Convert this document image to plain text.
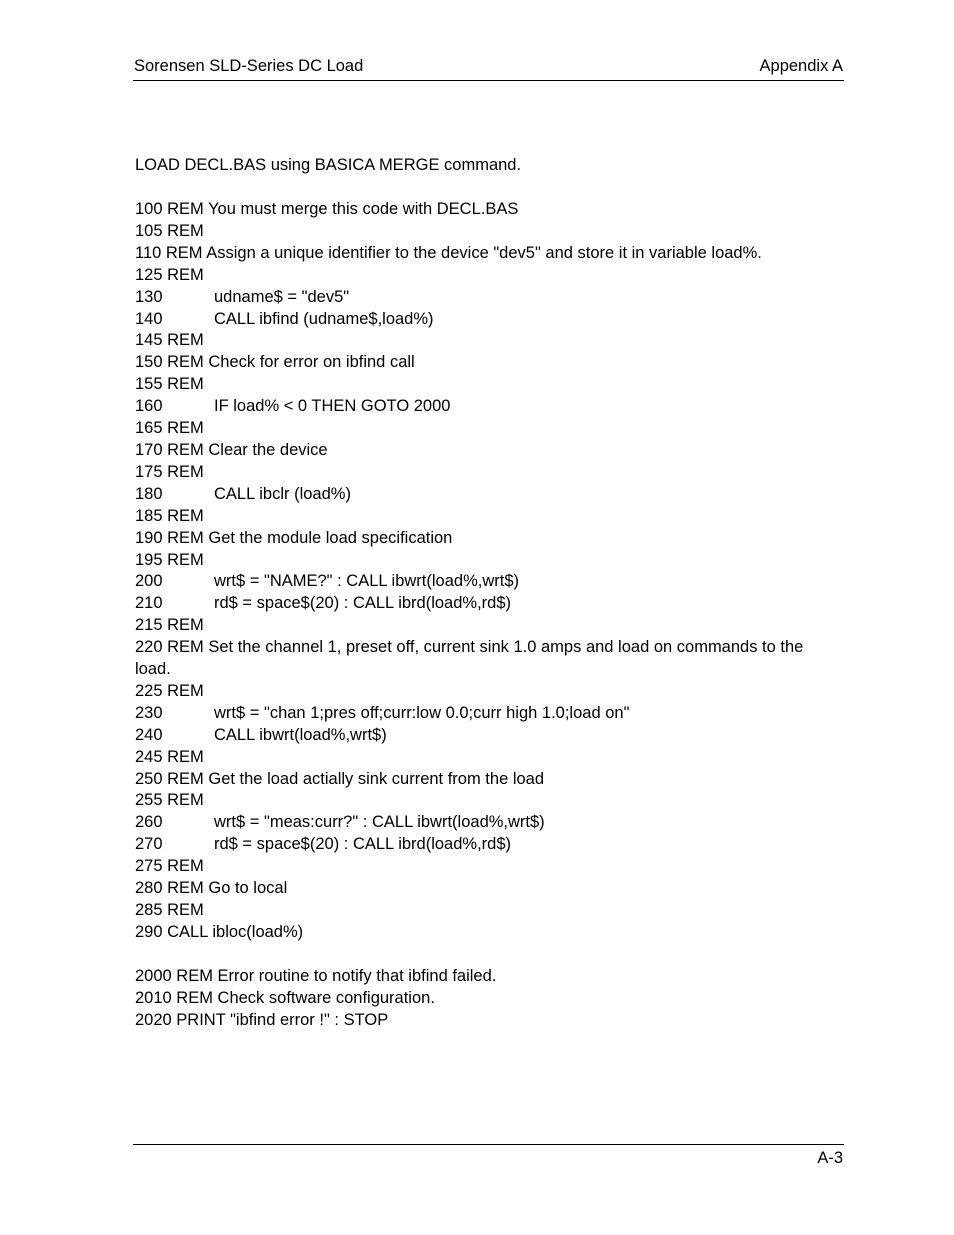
Sorensen SLD-Series DC Load	Appendix A
LOAD DECL.BAS using BASICA MERGE command.
100 REM You must merge this code with DECL.BAS
105 REM
110 REM Assign a unique identifier to the device "dev5" and store it in variable load%.
125 REM
130	udname$ = "dev5"
140	CALL ibfind (udname$,load%)
145 REM
150 REM Check for error on ibfind call
155 REM
160	IF load% < 0 THEN GOTO 2000
165 REM
170 REM Clear the device
175 REM
180	CALL ibclr (load%)
185 REM
190 REM Get the module load specification
195 REM
200	wrt$ = "NAME?" : CALL ibwrt(load%,wrt$)
210	rd$ = space$(20) : CALL ibrd(load%,rd$)
215 REM
220 REM Set the channel 1, preset off, current sink 1.0 amps and load on commands to the load.
225 REM
230	wrt$ = "chan 1;pres off;curr:low 0.0;curr high 1.0;load on"
240	CALL ibwrt(load%,wrt$)
245 REM
250 REM Get the load actially sink current from the load
255 REM
260	wrt$ = "meas:curr?" : CALL ibwrt(load%,wrt$)
270	rd$ = space$(20) : CALL ibrd(load%,rd$)
275 REM
280 REM Go to local
285 REM
290 CALL ibloc(load%)
2000 REM Error routine to notify that ibfind failed.
2010 REM Check software configuration.
2020 PRINT "ibfind error !" : STOP
A-3
